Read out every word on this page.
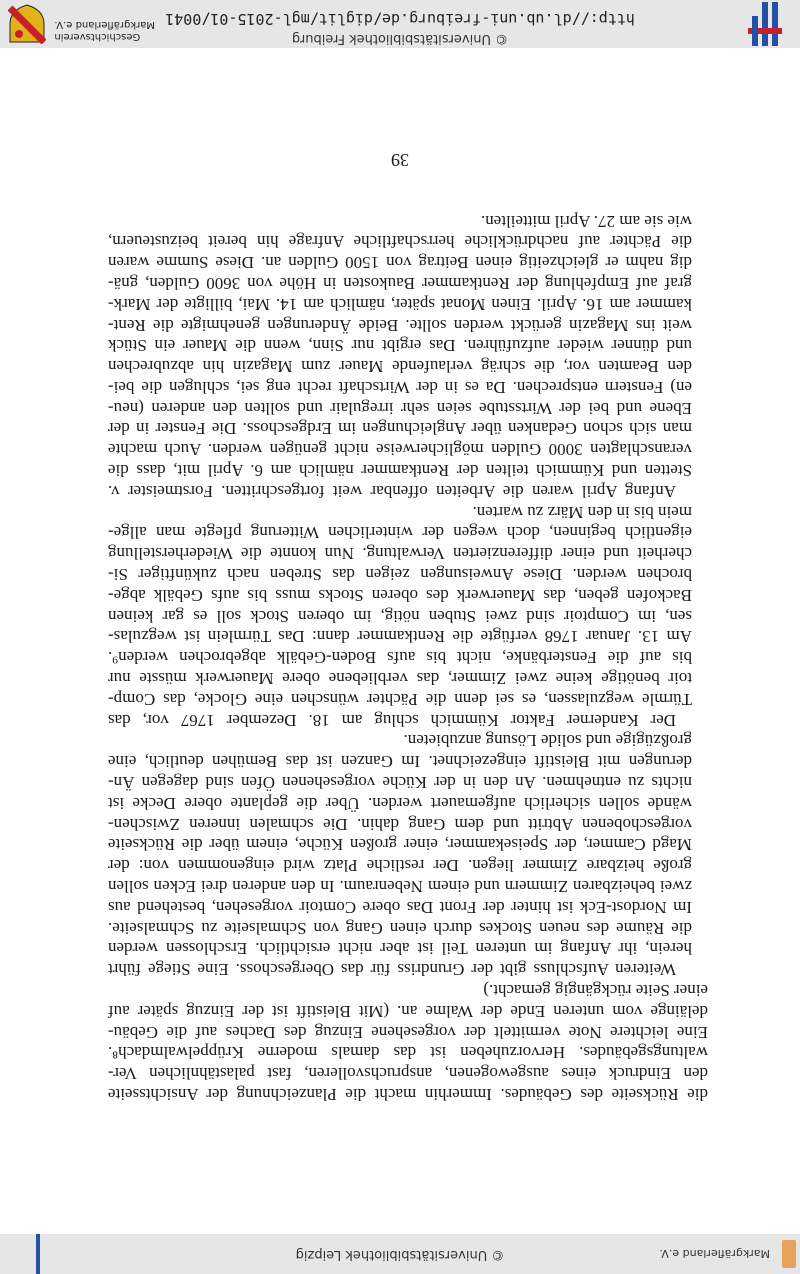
© Universitätsbibliothek Leipzig	Markgräflerland e.V.
die Rückseite des Gebäudes. Immerhin macht die Planzeichnung der Ansichtsseite
den Eindruck eines ausgewogenen, anspruchsvolleren, fast palastähnlichen Ver-
waltungsgebäudes. Hervorzuheben ist das damals moderne Krüppelwalmdach⁸.
Eine leichtere Note vermittelt der vorgesehene Einzug des Daches auf die Gebäu-
deläinge vom unteren Ende der Walme an. (Mit Bleistift ist der Einzug später auf
einer Seite rückgängig gemacht.)
Weiteren Aufschluss gibt der Grundriss für das Obergeschoss. Eine Stiege führt
herein, ihr Anfang im unteren Teil ist aber nicht ersichtlich. Erschlossen werden
die Räume des neuen Stockes durch einen Gang von Schmalseite zu Schmalseite.
Im Nordost-Eck ist hinter der Front Das obere Comtoir vorgesehen, bestehend aus
zwei beheizbaren Zimmern und einem Nebenraum. In den anderen drei Ecken sollen
große heizbare Zimmer liegen. Der restliche Platz wird eingenommen von: der
Magd Cammer, der Speisekammer, einer großen Küche, einem über die Rückseite
vorgeschobenen Abtritt und dem Gang dahin. Die schmalen inneren Zwischen-
wände sollen sicherlich aufgemauert werden. Über die geplante obere Decke ist
nichts zu entnehmen. An den in der Küche vorgesehenen Öfen sind dagegen Än-
derungen mit Bleistift eingezeichnet. Im Ganzen ist das Bemühen deutlich, eine
großzügige und solide Lösung anzubieten.
Der Kanderner Faktor Kümmich schlug am 18. Dezember 1767 vor, das
Türmle wegzulassen, es sei denn die Pächter wünschen eine Glocke, das Comp-
toir benötige keine zwei Zimmer, das verbliebene obere Mauerwerk müsste nur
bis auf die Fensterbänke, nicht bis aufs Boden-Gebälk abgebrochen werden⁹.
Am 13. Januar 1768 verfügte die Rentkammer dann: Das Türmlein ist wegzulas-
sen, im Comptoir sind zwei Stuben nötig, im oberen Stock soll es gar keinen
Backofen geben, das Mauerwerk des oberen Stocks muss bis aufs Gebälk abge-
brochen werden. Diese Anweisungen zeigen das Streben nach zukünftiger Si-
cherheit und einer differenzierten Verwaltung. Nun konnte die Wiederherstellung
eigentlich beginnen, doch wegen der winterlichen Witterung pflegte man allge-
mein bis in den März zu warten.
Anfang April waren die Arbeiten offenbar weit fortgeschritten. Forstmeister v.
Stetten und Kümmich teilten der Rentkammer nämlich am 6. April mit, dass die
veranschlagten 3000 Gulden möglicherweise nicht genügen werden. Auch machte
man sich schon Gedanken über Angleichungen im Erdgeschoss. Die Fenster in der
Ebene und bei der Wirtsstube seien sehr irregulair und sollten den anderen (neu-
en) Fenstern entsprechen. Da es in der Wirtschaft recht eng sei, schlugen die bei-
den Beamten vor, die schräg verlaufende Mauer zum Magazin hin abzubrechen
und dünner wieder aufzuführen. Das ergibt nur Sinn, wenn die Mauer ein Stück
weit ins Magazin gerückt werden sollte. Beide Änderungen genehmigte die Rent-
kammer am 16. April. Einen Monat später, nämlich am 14. Mai, billigte der Mark-
graf auf Empfehlung der Rentkammer Baukosten in Höhe von 3600 Gulden, gnä-
dig nahm er gleichzeitig einen Beitrag von 1500 Gulden an. Diese Summe waren
die Pächter auf nachdrückliche herrschaftliche Anfrage hin bereit beizusteuern,
wie sie am 27. April mitteilten.
39
© Universitätsbibliothek Freiburg
http://dl.ub.uni-freiburg.de/diglit/mgl-2015-01/0041
Geschichtsverein
Markgräflerland e.V.
